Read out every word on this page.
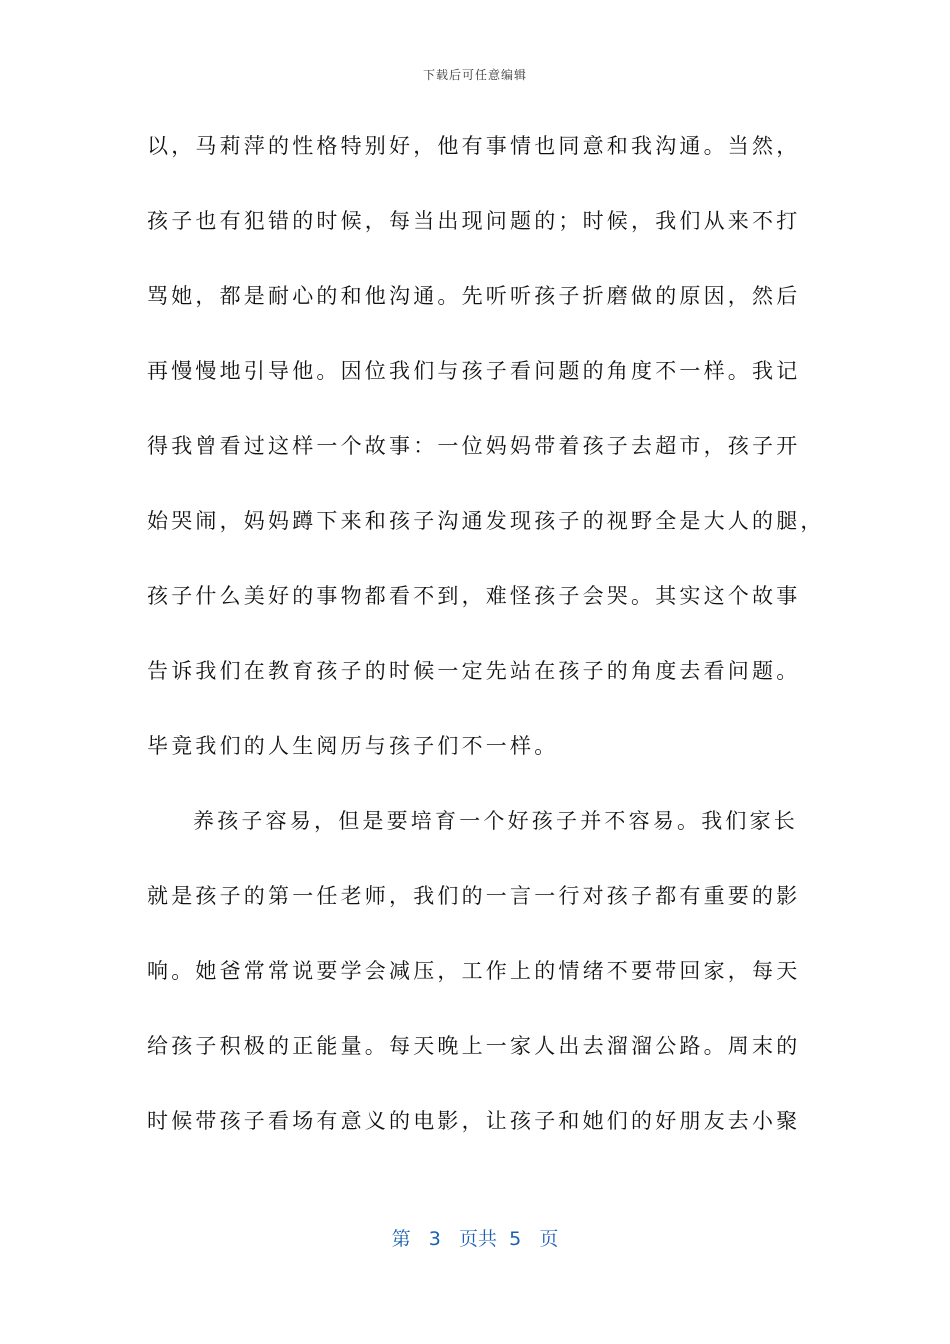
下载后可任意编辑
以，马莉萍的性格特别好，他有事情也同意和我沟通。当然，
孩子也有犯错的时候，每当出现问题的；时候，我们从来不打
骂她，都是耐心的和他沟通。先听听孩子折磨做的原因，然后
再慢慢地引导他。因位我们与孩子看问题的角度不一样。我记
得我曾看过这样一个故事：一位妈妈带着孩子去超市，孩子开
始哭闹，妈妈蹲下来和孩子沟通发现孩子的视野全是大人的腿，
孩子什么美好的事物都看不到，难怪孩子会哭。其实这个故事
告诉我们在教育孩子的时候一定先站在孩子的角度去看问题。
毕竟我们的人生阅历与孩子们不一样。
养孩子容易，但是要培育一个好孩子并不容易。我们家长
就是孩子的第一任老师，我们的一言一行对孩子都有重要的影
响。她爸常常说要学会减压，工作上的情绪不要带回家，每天
给孩子积极的正能量。每天晚上一家人出去溜溜公路。周末的
时候带孩子看场有意义的电影，让孩子和她们的好朋友去小聚
第 3 页共 5 页
